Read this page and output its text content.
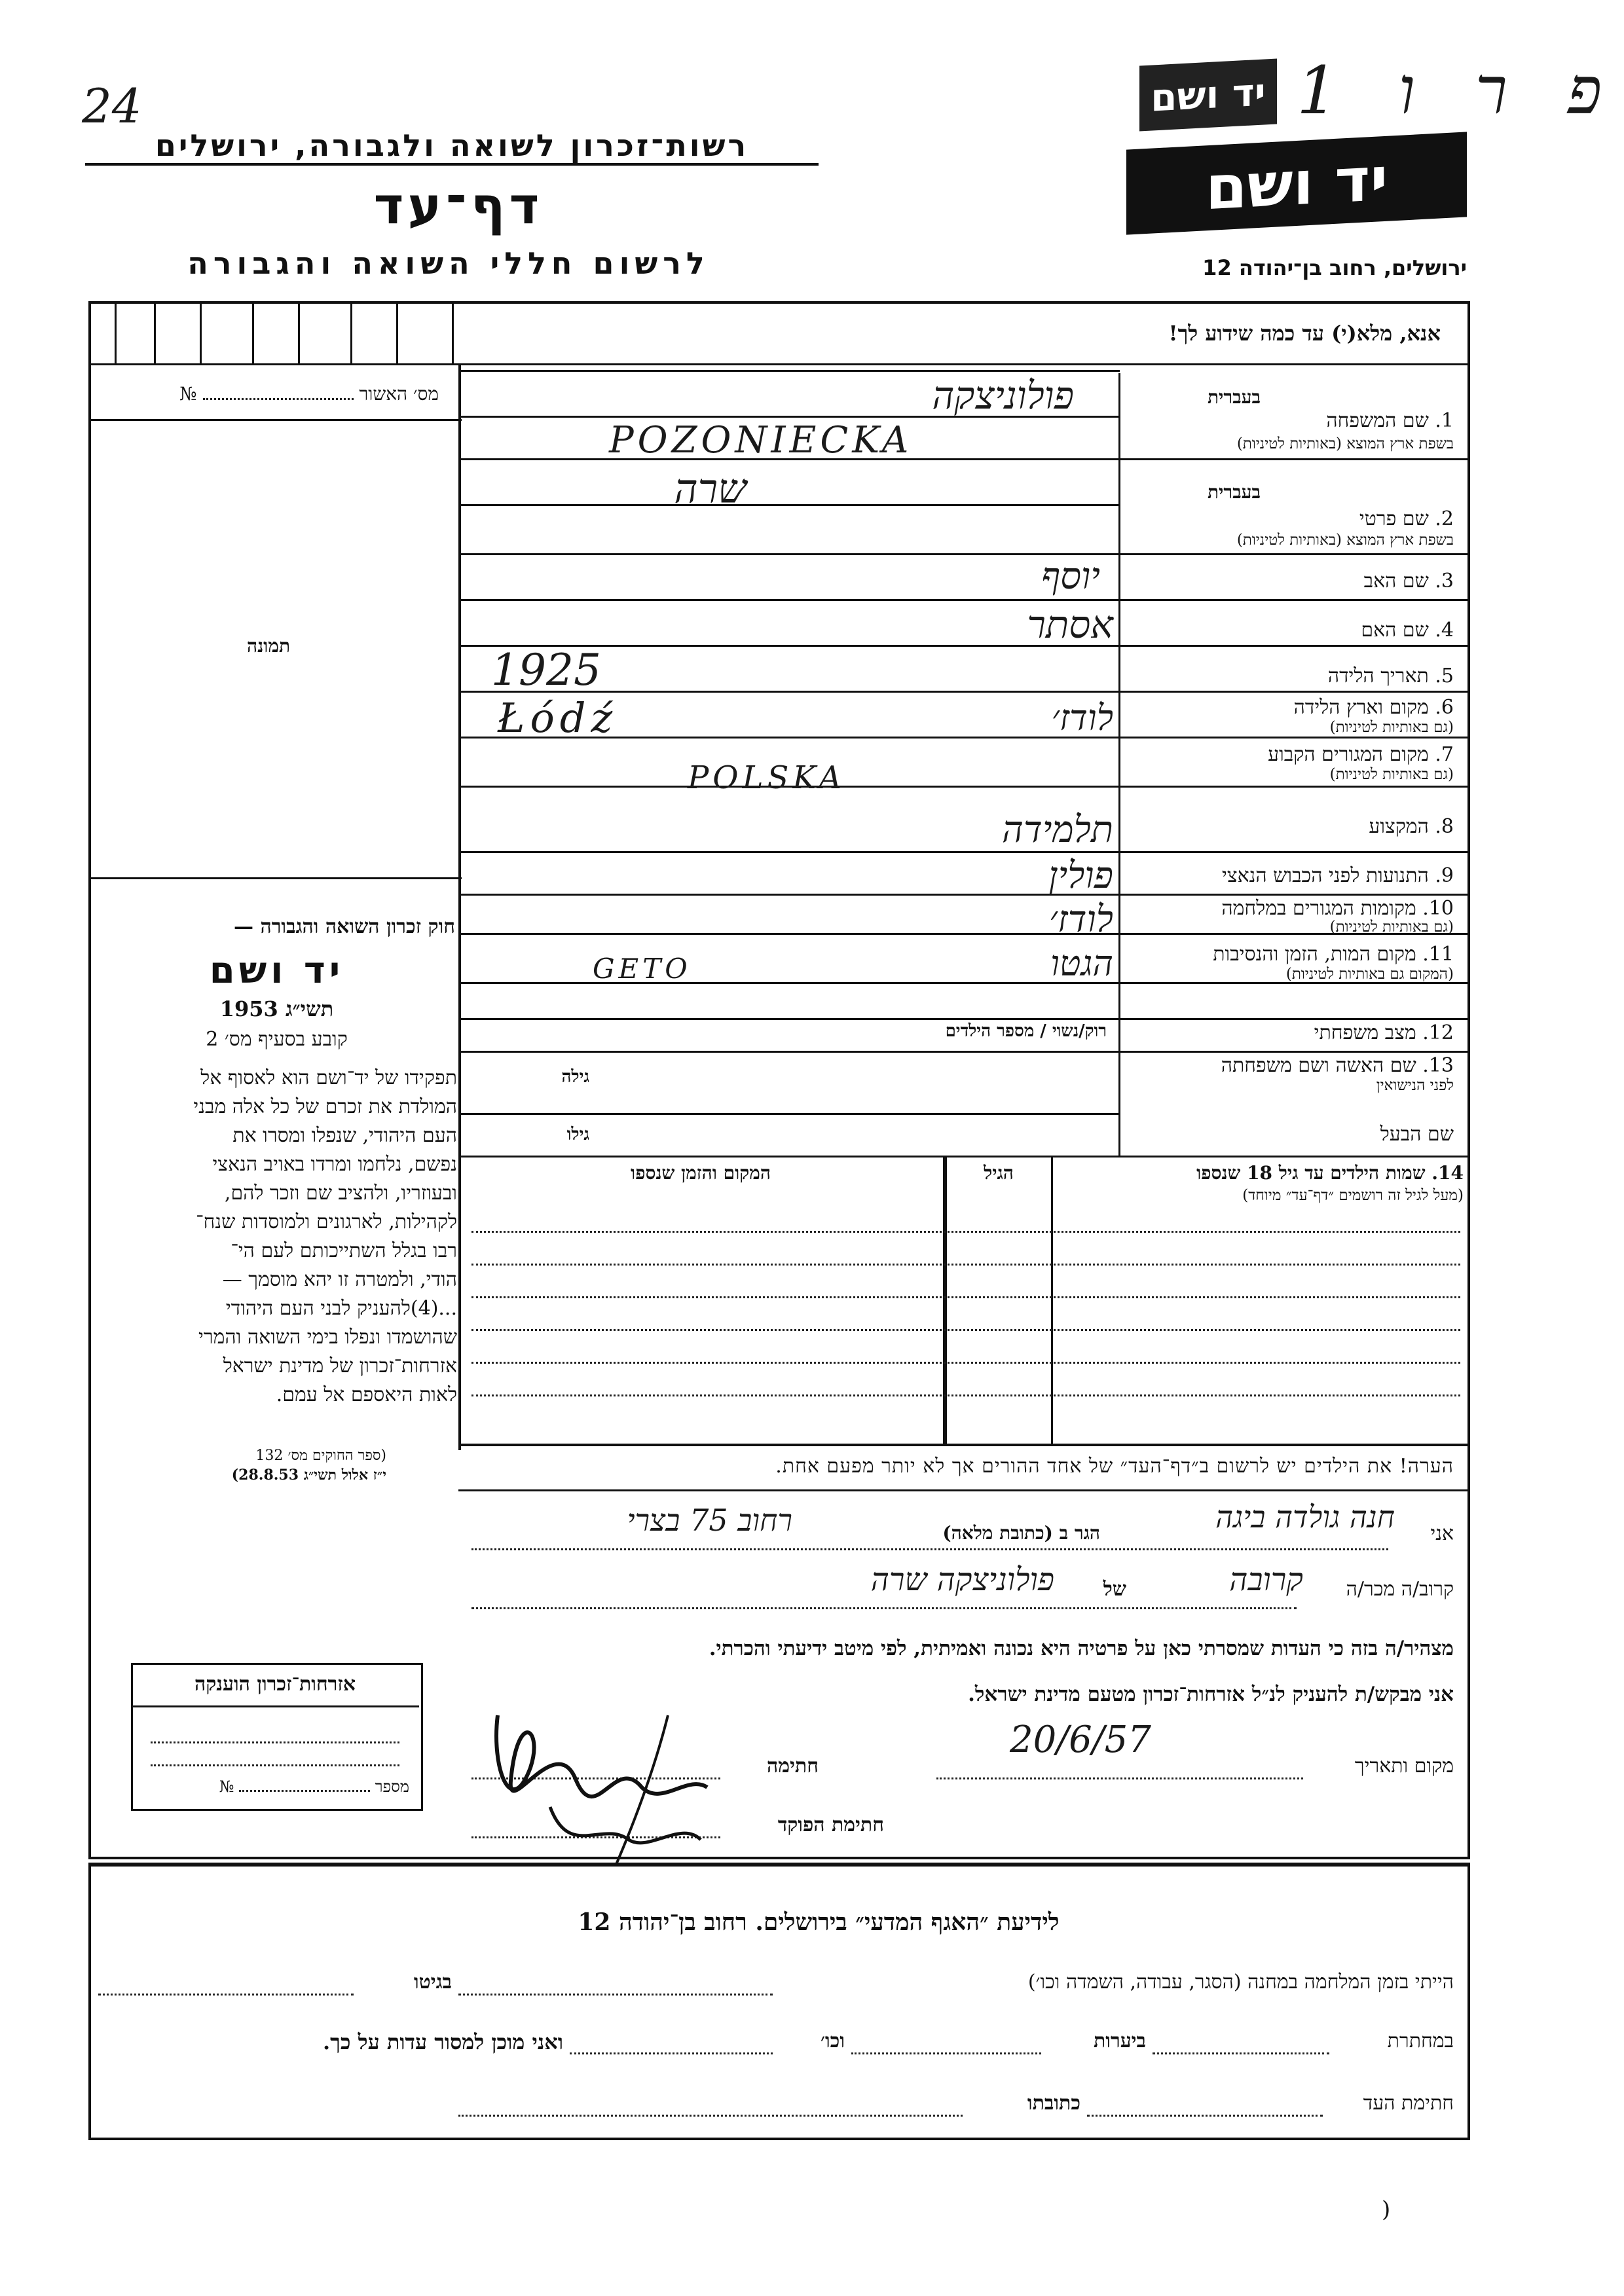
24
רשות־זכרון לשואה ולגבורה, ירושלים
דף־עד
לרשום חללי השואה והגבורה
פ ר ו 1
יד ושם
יד ושם
ירושלים, רחוב בן־יהודה 12
אנא, מלא(י) עד כמה שידוע לך!
מס׳ האשור  №
תמונה
חוק זכרון השואה והגבורה —
יד ושם
תשי״ג 1953
קובע בסעיף מס׳ 2
תפקידו של יד־ושם הוא לאסוף אל
המולדת את זכרם של כל אלה מבני
העם היהודי, שנפלו ומסרו את
נפשם, נלחמו ומרדו באויב הנאצי
ובעוזריו, ולהציב שם וזכר להם,
לקהילות, לארגונים ולמוסדות שנח־
רבו בגלל השתייכותם לעם הי־
הודי, ולמטרה זו יהא מוסמך —
...(4)להעניק לבני העם היהודי
שהושמדו ונפלו בימי השואה והמרי
אזרחות־זכרון של מדינת ישראל
לאות היאספם אל עמם.
(ספר החוקים מס׳ 132
י״ז אלול תשי״ג 28.8.53)
אזרחות־זכרון הוענקה
מספר  №
בעברית
1. שם המשפחה
בשפת ארץ המוצא (באותיות לטיניות)
בעברית
2. שם פרטי
בשפת ארץ המוצא (באותיות לטיניות)
3. שם האב
4. שם האם
5. תאריך הלידה
6. מקום וארץ הלידה
(גם באותיות לטיניות)
7. מקום המגורים הקבוע
(גם באותיות לטיניות)
8. המקצוע
9. התנועות לפני הכבוש הנאצי
10. מקומות המגורים במלחמה
(גם באותיות לטיניות)
11. מקום המות, הזמן והנסיבות
(המקום גם באותיות לטיניות)
12. מצב משפחתי
13. שם האשה ושם משפחתה
לפני הנישואין
שם הבעל
פולוניצקה
POZONIECKA
שרה
יוסף
אסתר
1925
Łódź	לודז׳
POLSKA
תלמידה
פולין
לודז׳
הגטו
GETO
רוק/נשוי / מספר הילדים
גילה
גילו
14. שמות הילדים עד גיל 18 שנספו
(מעל לגיל זה רושמים ״דף־עד״ מיוחד)
הגיל
המקום והזמן שנספו
הערה! את הילדים יש לרשום ב״דף־העד״ של אחד ההורים אך לא יותר מפעם אחת.
אני
חנה גולדה ביגה
הגר ב (כתובת מלאה)
רחוב 75 בצרי
קרוב/ה מכר/ה
קרובה
של
פולוניצקה שרה
מצהיר/ה בזה כי העדות שמסרתי כאן על פרטיה היא נכונה ואמיתית, לפי מיטב ידיעתי והכרתי.
אני מבקש/ת להעניק לנ״ל אזרחות־זכרון מטעם מדינת ישראל.
מקום ותאריך
20/6/57
חתימה
חתימת הפוקד
לידיעת ״האגף המדעי״ בירושלים. רחוב בן־יהודה 12
הייתי בזמן המלחמה במחנה (הסגר, עבודה, השמדה וכו׳)
בגיטו
במחתרת
ביערות
וכו׳
ואני מוכן למסור עדות על כך.
חתימת העד
כתובתו
)
